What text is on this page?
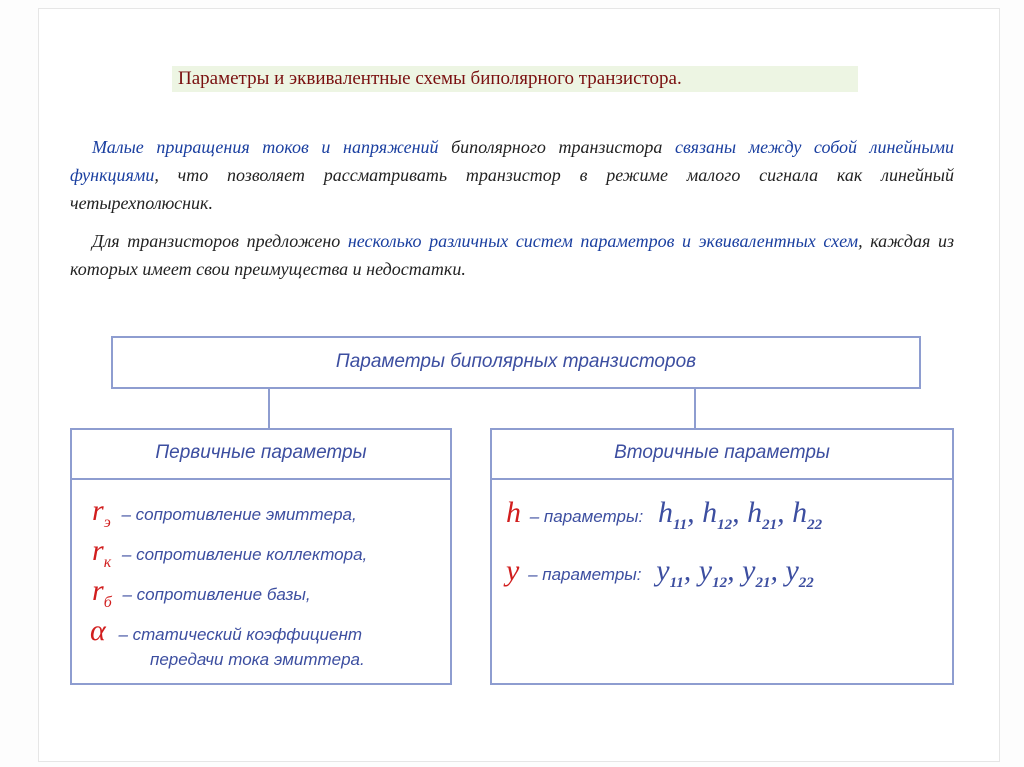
Параметры и эквивалентные схемы биполярного транзистора.
Малые приращения токов и напряжений биполярного транзистора связаны между собой линейными функциями, что позволяет рассматривать транзистор в режиме малого сигнала как линейный четырехполюсник.
Для транзисторов предложено несколько различных систем параметров и эквивалентных схем, каждая из которых имеет свои преимущества и недостатки.
Параметры биполярных транзисторов
Первичные параметры
$r_э$ – сопротивление эмиттера,
$r_к$ – сопротивление коллектора,
$r_б$ – сопротивление базы,
α – статический коэффициент
передачи тока эмиттера.
Вторичные параметры
h – параметры: $h_{11}$, $h_{12}$, $h_{21}$, $h_{22}$
y – параметры: $y_{11}$, $y_{12}$, $y_{21}$, $y_{22}$
